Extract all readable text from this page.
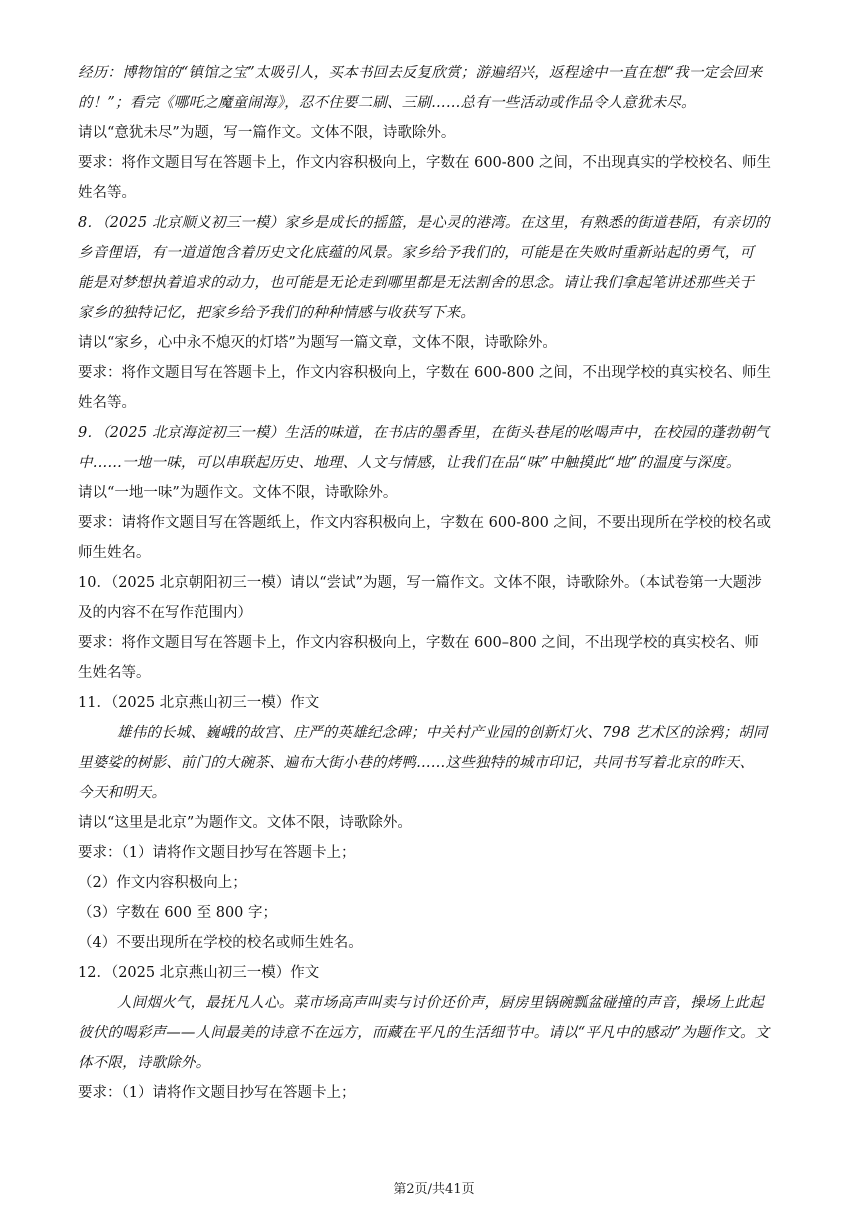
经历：博物馆的“镇馆之宝”太吸引人，买本书回去反复欣赏；游遍绍兴，返程途中一直在想“我一定会回来
的！”；看完《哪吒之魔童闹海》，忍不住要二刷、三刷……总有一些活动或作品令人意犹未尽。
请以“意犹未尽”为题，写一篇作文。文体不限，诗歌除外。
要求：将作文题目写在答题卡上，作文内容积极向上，字数在 600-800 之间，不出现真实的学校校名、师生
姓名等。
8．（2025 北京顺义初三一模）家乡是成长的摇篮，是心灵的港湾。在这里，有熟悉的街道巷陌，有亲切的
乡音俚语，有一道道饱含着历史文化底蕴的风景。家乡给予我们的，可能是在失败时重新站起的勇气，可
能是对梦想执着追求的动力，也可能是无论走到哪里都是无法割舍的思念。请让我们拿起笔讲述那些关于
家乡的独特记忆，把家乡给予我们的种种情感与收获写下来。
请以“家乡，心中永不熄灭的灯塔”为题写一篇文章，文体不限，诗歌除外。
要求：将作文题目写在答题卡上，作文内容积极向上，字数在 600-800 之间，不出现学校的真实校名、师生
姓名等。
9．（2025 北京海淀初三一模）生活的味道，在书店的墨香里，在街头巷尾的吆喝声中，在校园的蓬勃朝气
中……一地一味，可以串联起历史、地理、人文与情感，让我们在品“味”中触摸此“地”的温度与深度。
请以“一地一味”为题作文。文体不限，诗歌除外。
要求：请将作文题目写在答题纸上，作文内容积极向上，字数在 600-800 之间，不要出现所在学校的校名或
师生姓名。
10．（2025 北京朝阳初三一模）请以“尝试”为题，写一篇作文。文体不限，诗歌除外。（本试卷第一大题涉
及的内容不在写作范围内）
要求：将作文题目写在答题卡上，作文内容积极向上，字数在 600–800 之间，不出现学校的真实校名、师
生姓名等。
11．（2025 北京燕山初三一模）作文
雄伟的长城、巍峨的故宫、庄严的英雄纪念碑；中关村产业园的创新灯火、798 艺术区的涂鸦；胡同
里婆娑的树影、前门的大碗茶、遍布大街小巷的烤鸭……这些独特的城市印记，共同书写着北京的昨天、
今天和明天。
请以“这里是北京”为题作文。文体不限，诗歌除外。
要求：（1）请将作文题目抄写在答题卡上；
（2）作文内容积极向上；
（3）字数在 600 至 800 字；
（4）不要出现所在学校的校名或师生姓名。
12．（2025 北京燕山初三一模）作文
人间烟火气，最抚凡人心。菜市场高声叫卖与讨价还价声，厨房里锅碗瓢盆碰撞的声音，操场上此起
彼伏的喝彩声——人间最美的诗意不在远方，而藏在平凡的生活细节中。请以“平凡中的感动”为题作文。文
体不限，诗歌除外。
要求：（1）请将作文题目抄写在答题卡上；
第2页/共41页
